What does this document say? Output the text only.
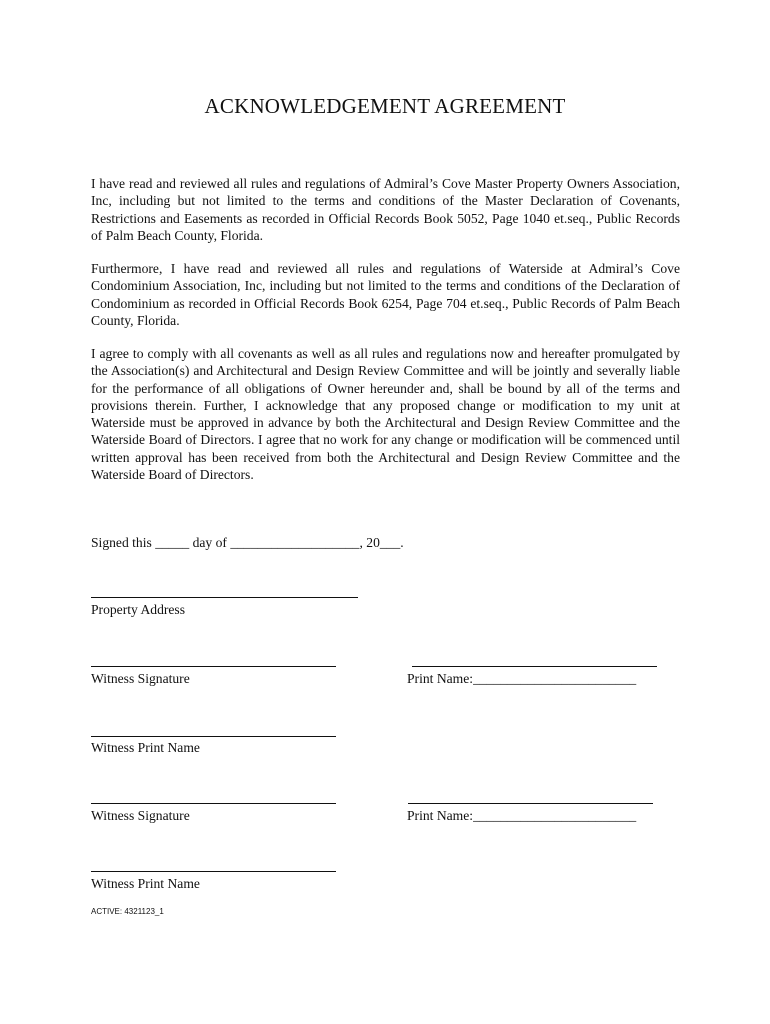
ACKNOWLEDGEMENT AGREEMENT
I have read and reviewed all rules and regulations of Admiral’s Cove Master Property Owners Association, Inc, including but not limited to the terms and conditions of the Master Declaration of Covenants, Restrictions and Easements as recorded in Official Records Book 5052, Page 1040 et.seq., Public Records of Palm Beach County, Florida.
Furthermore, I have read and reviewed all rules and regulations of Waterside at Admiral’s Cove Condominium Association, Inc, including but not limited to the terms and conditions of the Declaration of Condominium as recorded in Official Records Book 6254, Page 704 et.seq., Public Records of Palm Beach County, Florida.
I agree to comply with all covenants as well as all rules and regulations now and hereafter promulgated by the Association(s) and Architectural and Design Review Committee and will be jointly and severally liable for the performance of all obligations of Owner hereunder and, shall be bound by all of the terms and provisions therein. Further, I acknowledge that any proposed change or modification to my unit at Waterside must be approved in advance by both the Architectural and Design Review Committee and the Waterside Board of Directors. I agree that no work for any change or modification will be commenced until written approval has been received from both the Architectural and Design Review Committee and the Waterside Board of Directors.
Signed this _____ day of ___________________, 20___.
Property Address
Witness Signature	Print Name:________________________
Witness Print Name
Witness Signature	Print Name:________________________
Witness Print Name
ACTIVE: 4321123_1
